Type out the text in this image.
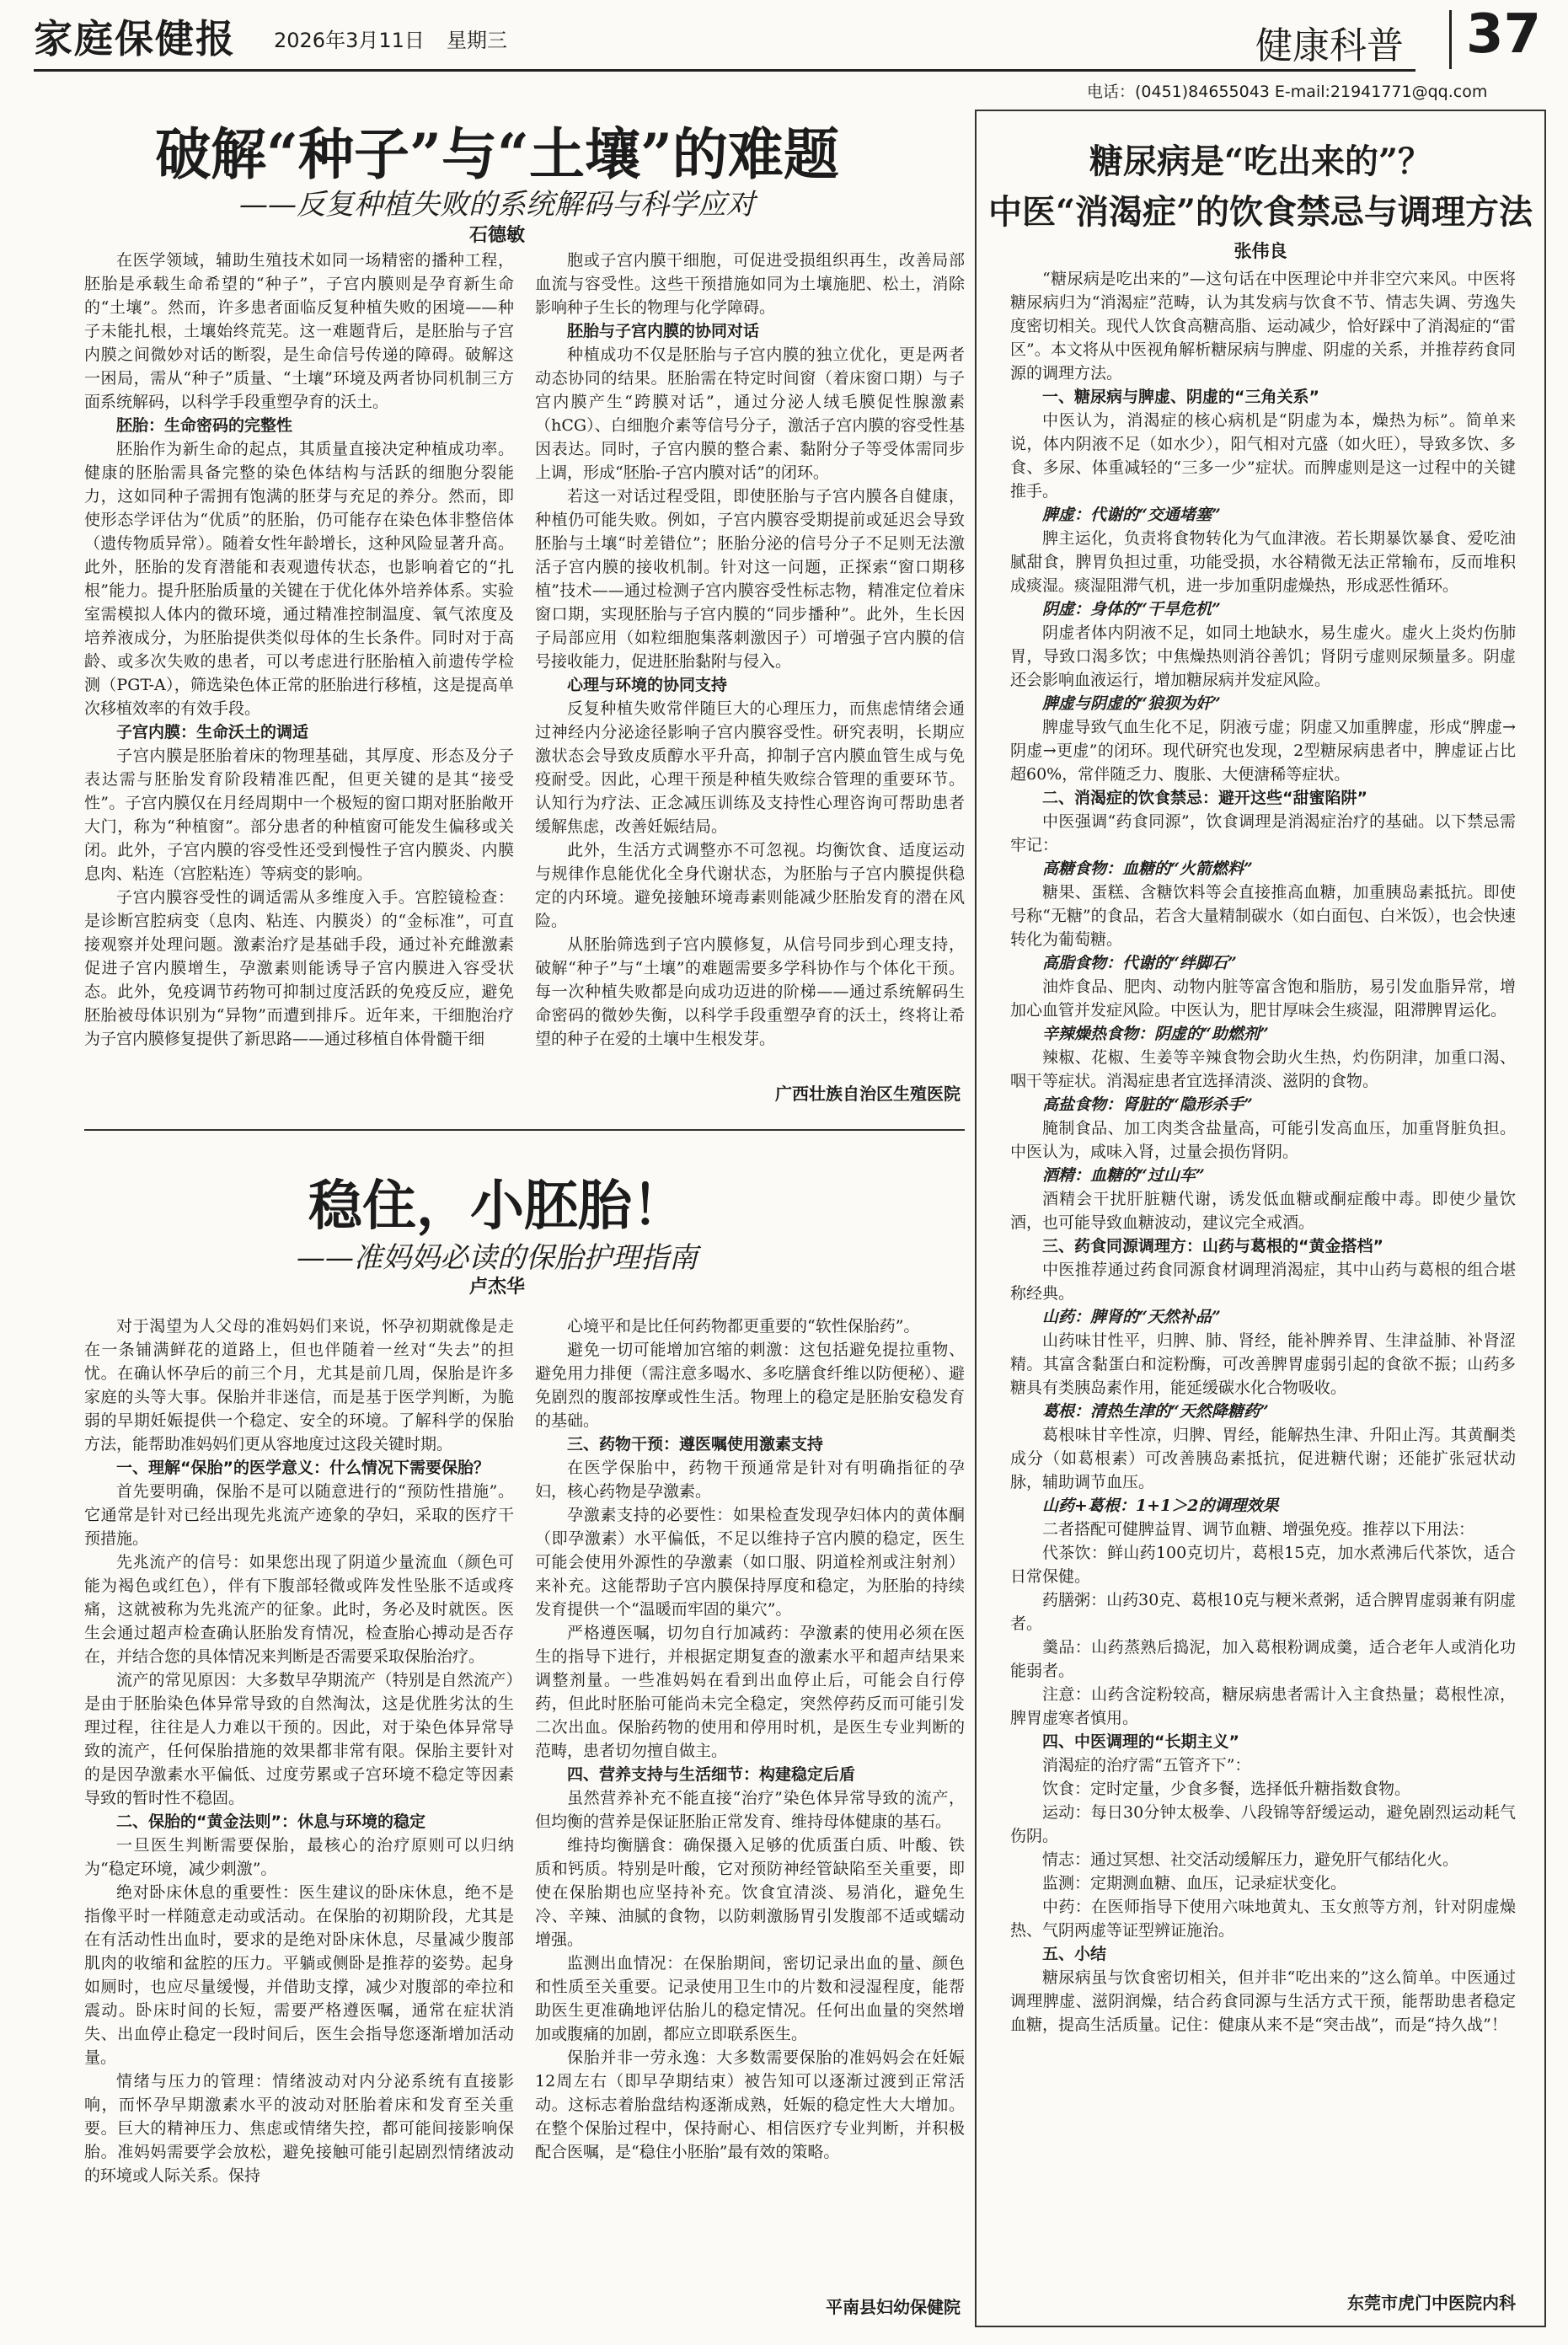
家庭保健报 2026年3月11日 星期三	健康科普 37
电话：(0451)84655043 E-mail:21941771@qq.com
破解“种子”与“土壤”的难题
——反复种植失败的系统解码与科学应对
石德敏

在医学领域，辅助生殖技术如同一场精密的播种工程，胚胎是承载生命希望的“种子”，子宫内膜则是孕育新生命的“土壤”。然而，许多患者面临反复种植失败的困境——种子未能扎根，土壤始终荒芜。这一难题背后，是胚胎与子宫内膜之间微妙对话的断裂，是生命信号传递的障碍。破解这一困局，需从“种子”质量、“土壤”环境及两者协同机制三方面系统解码，以科学手段重塑孕育的沃土。

胚胎：生命密码的完整性

胚胎作为新生命的起点，其质量直接决定种植成功率。健康的胚胎需具备完整的染色体结构与活跃的细胞分裂能力，这如同种子需拥有饱满的胚芽与充足的养分。然而，即使形态学评估为“优质”的胚胎，仍可能存在染色体非整倍体（遗传物质异常）。随着女性年龄增长，这种风险显著升高。此外，胚胎的发育潜能和表观遗传状态，也影响着它的“扎根”能力。提升胚胎质量的关键在于优化体外培养体系。实验室需模拟人体内的微环境，通过精准控制温度、氧气浓度及培养液成分，为胚胎提供类似母体的生长条件。同时对于高龄、或多次失败的患者，可以考虑进行胚胎植入前遗传学检测（PGT-A），筛选染色体正常的胚胎进行移植，这是提高单次移植效率的有效手段。

子宫内膜：生命沃土的调适

子宫内膜是胚胎着床的物理基础，其厚度、形态及分子表达需与胚胎发育阶段精准匹配，但更关键的是其“接受性”。子宫内膜仅在月经周期中一个极短的窗口期对胚胎敞开大门，称为“种植窗”。部分患者的种植窗可能发生偏移或关闭。此外，子宫内膜的容受性还受到慢性子宫内膜炎、内膜息肉、粘连（宫腔粘连）等病变的影响。

子宫内膜容受性的调适需从多维度入手。宫腔镜检查：是诊断宫腔病变（息肉、粘连、内膜炎）的“金标准”，可直接观察并处理问题。激素治疗是基础手段，通过补充雌激素促进子宫内膜增生，孕激素则能诱导子宫内膜进入容受状态。此外，免疫调节药物可抑制过度活跃的免疫反应，避免胚胎被母体识别为“异物”而遭到排斥。近年来，干细胞治疗为子宫内膜修复提供了新思路——通过移植自体骨髓干细

胞或子宫内膜干细胞，可促进受损组织再生，改善局部血流与容受性。这些干预措施如同为土壤施肥、松土，消除影响种子生长的物理与化学障碍。

胚胎与子宫内膜的协同对话

种植成功不仅是胚胎与子宫内膜的独立优化，更是两者动态协同的结果。胚胎需在特定时间窗（着床窗口期）与子宫内膜产生“跨膜对话”，通过分泌人绒毛膜促性腺激素（hCG）、白细胞介素等信号分子，激活子宫内膜的容受性基因表达。同时，子宫内膜的整合素、黏附分子等受体需同步上调，形成“胚胎-子宫内膜对话”的闭环。

若这一对话过程受阻，即使胚胎与子宫内膜各自健康，种植仍可能失败。例如，子宫内膜容受期提前或延迟会导致胚胎与土壤“时差错位”；胚胎分泌的信号分子不足则无法激活子宫内膜的接收机制。针对这一问题，正探索“窗口期移植”技术——通过检测子宫内膜容受性标志物，精准定位着床窗口期，实现胚胎与子宫内膜的“同步播种”。此外，生长因子局部应用（如粒细胞集落刺激因子）可增强子宫内膜的信号接收能力，促进胚胎黏附与侵入。

心理与环境的协同支持

反复种植失败常伴随巨大的心理压力，而焦虑情绪会通过神经内分泌途径影响子宫内膜容受性。研究表明，长期应激状态会导致皮质醇水平升高，抑制子宫内膜血管生成与免疫耐受。因此，心理干预是种植失败综合管理的重要环节。认知行为疗法、正念减压训练及支持性心理咨询可帮助患者缓解焦虑，改善妊娠结局。

此外，生活方式调整亦不可忽视。均衡饮食、适度运动与规律作息能优化全身代谢状态，为胚胎与子宫内膜提供稳定的内环境。避免接触环境毒素则能减少胚胎发育的潜在风险。

从胚胎筛选到子宫内膜修复，从信号同步到心理支持，破解“种子”与“土壤”的难题需要多学科协作与个体化干预。每一次种植失败都是向成功迈进的阶梯——通过系统解码生命密码的微妙失衡，以科学手段重塑孕育的沃土，终将让希望的种子在爱的土壤中生根发芽。

广西壮族自治区生殖医院
稳住，小胚胎！
——准妈妈必读的保胎护理指南
卢杰华

对于渴望为人父母的准妈妈们来说，怀孕初期就像是走在一条铺满鲜花的道路上，但也伴随着一丝对“失去”的担忧。在确认怀孕后的前三个月，尤其是前几周，保胎是许多家庭的头等大事。保胎并非迷信，而是基于医学判断，为脆弱的早期妊娠提供一个稳定、安全的环境。了解科学的保胎方法，能帮助准妈妈们更从容地度过这段关键时期。

一、理解“保胎”的医学意义：什么情况下需要保胎？

首先要明确，保胎不是可以随意进行的“预防性措施”。它通常是针对已经出现先兆流产迹象的孕妇，采取的医疗干预措施。

先兆流产的信号：如果您出现了阴道少量流血（颜色可能为褐色或红色），伴有下腹部轻微或阵发性坠胀不适或疼痛，这就被称为先兆流产的征象。此时，务必及时就医。医生会通过超声检查确认胚胎发育情况，检查胎心搏动是否存在，并结合您的具体情况来判断是否需要采取保胎治疗。

流产的常见原因：大多数早孕期流产（特别是自然流产）是由于胚胎染色体异常导致的自然淘汰，这是优胜劣汰的生理过程，往往是人力难以干预的。因此，对于染色体异常导致的流产，任何保胎措施的效果都非常有限。保胎主要针对的是因孕激素水平偏低、过度劳累或子宫环境不稳定等因素导致的暂时性不稳固。

二、保胎的“黄金法则”：休息与环境的稳定

一旦医生判断需要保胎，最核心的治疗原则可以归纳为“稳定环境，减少刺激”。

绝对卧床休息的重要性：医生建议的卧床休息，绝不是指像平时一样随意走动或活动。在保胎的初期阶段，尤其是在有活动性出血时，要求的是绝对卧床休息，尽量减少腹部肌肉的收缩和盆腔的压力。平躺或侧卧是推荐的姿势。起身如厕时，也应尽量缓慢，并借助支撑，减少对腹部的牵拉和震动。卧床时间的长短，需要严格遵医嘱，通常在症状消失、出血停止稳定一段时间后，医生会指导您逐渐增加活动量。

情绪与压力的管理：情绪波动对内分泌系统有直接影响，而怀孕早期激素水平的波动对胚胎着床和发育至关重要。巨大的精神压力、焦虑或情绪失控，都可能间接影响保胎。准妈妈需要学会放松，避免接触可能引起剧烈情绪波动的环境或人际关系。保持

心境平和是比任何药物都更重要的“软性保胎药”。

避免一切可能增加宫缩的刺激：这包括避免提拉重物、避免用力排便（需注意多喝水、多吃膳食纤维以防便秘）、避免剧烈的腹部按摩或性生活。物理上的稳定是胚胎安稳发育的基础。

三、药物干预：遵医嘱使用激素支持

在医学保胎中，药物干预通常是针对有明确指征的孕妇，核心药物是孕激素。

孕激素支持的必要性：如果检查发现孕妇体内的黄体酮（即孕激素）水平偏低，不足以维持子宫内膜的稳定，医生可能会使用外源性的孕激素（如口服、阴道栓剂或注射剂）来补充。这能帮助子宫内膜保持厚度和稳定，为胚胎的持续发育提供一个“温暖而牢固的巢穴”。

严格遵医嘱，切勿自行加减药：孕激素的使用必须在医生的指导下进行，并根据定期复查的激素水平和超声结果来调整剂量。一些准妈妈在看到出血停止后，可能会自行停药，但此时胚胎可能尚未完全稳定，突然停药反而可能引发二次出血。保胎药物的使用和停用时机，是医生专业判断的范畴，患者切勿擅自做主。

四、营养支持与生活细节：构建稳定后盾

虽然营养补充不能直接“治疗”染色体异常导致的流产，但均衡的营养是保证胚胎正常发育、维持母体健康的基石。

维持均衡膳食：确保摄入足够的优质蛋白质、叶酸、铁质和钙质。特别是叶酸，它对预防神经管缺陷至关重要，即使在保胎期也应坚持补充。饮食宜清淡、易消化，避免生冷、辛辣、油腻的食物，以防刺激肠胃引发腹部不适或蠕动增强。

监测出血情况：在保胎期间，密切记录出血的量、颜色和性质至关重要。记录使用卫生巾的片数和浸湿程度，能帮助医生更准确地评估胎儿的稳定情况。任何出血量的突然增加或腹痛的加剧，都应立即联系医生。

保胎并非一劳永逸：大多数需要保胎的准妈妈会在妊娠12周左右（即早孕期结束）被告知可以逐渐过渡到正常活动。这标志着胎盘结构逐渐成熟，妊娠的稳定性大大增加。在整个保胎过程中，保持耐心、相信医疗专业判断，并积极配合医嘱，是“稳住小胚胎”最有效的策略。

平南县妇幼保健院
糖尿病是“吃出来的”？
中医“消渴症”的饮食禁忌与调理方法
张伟良

“糖尿病是吃出来的”—这句话在中医理论中并非空穴来风。中医将糖尿病归为“消渴症”范畴，认为其发病与饮食不节、情志失调、劳逸失度密切相关。现代人饮食高糖高脂、运动减少，恰好踩中了消渴症的“雷区”。本文将从中医视角解析糖尿病与脾虚、阴虚的关系，并推荐药食同源的调理方法。

一、糖尿病与脾虚、阴虚的“三角关系”

中医认为，消渴症的核心病机是“阴虚为本，燥热为标”。简单来说，体内阴液不足（如水少），阳气相对亢盛（如火旺），导致多饮、多食、多尿、体重减轻的“三多一少”症状。而脾虚则是这一过程中的关键推手。

脾虚：代谢的“交通堵塞”

脾主运化，负责将食物转化为气血津液。若长期暴饮暴食、爱吃油腻甜食，脾胃负担过重，功能受损，水谷精微无法正常输布，反而堆积成痰湿。痰湿阻滞气机，进一步加重阴虚燥热，形成恶性循环。

阴虚：身体的“干旱危机”

阴虚者体内阴液不足，如同土地缺水，易生虚火。虚火上炎灼伤肺胃，导致口渴多饮；中焦燥热则消谷善饥；肾阴亏虚则尿频量多。阴虚还会影响血液运行，增加糖尿病并发症风险。

脾虚与阴虚的“狼狈为奸”

脾虚导致气血生化不足，阴液亏虚；阴虚又加重脾虚，形成“脾虚→阴虚→更虚”的闭环。现代研究也发现，2型糖尿病患者中，脾虚证占比超60%，常伴随乏力、腹胀、大便溏稀等症状。

二、消渴症的饮食禁忌：避开这些“甜蜜陷阱”

中医强调“药食同源”，饮食调理是消渴症治疗的基础。以下禁忌需牢记：

高糖食物：血糖的“火箭燃料”

糖果、蛋糕、含糖饮料等会直接推高血糖，加重胰岛素抵抗。即使号称“无糖”的食品，若含大量精制碳水（如白面包、白米饭），也会快速转化为葡萄糖。

高脂食物：代谢的“绊脚石”

油炸食品、肥肉、动物内脏等富含饱和脂肪，易引发血脂异常，增加心血管并发症风险。中医认为，肥甘厚味会生痰湿，阻滞脾胃运化。

辛辣燥热食物：阴虚的“助燃剂”

辣椒、花椒、生姜等辛辣食物会助火生热，灼伤阴津，加重口渴、咽干等症状。消渴症患者宜选择清淡、滋阴的食物。

高盐食物：肾脏的“隐形杀手”

腌制食品、加工肉类含盐量高，可能引发高血压，加重肾脏负担。中医认为，咸味入肾，过量会损伤肾阴。

酒精：血糖的“过山车”

酒精会干扰肝脏糖代谢，诱发低血糖或酮症酸中毒。即使少量饮酒，也可能导致血糖波动，建议完全戒酒。

三、药食同源调理方：山药与葛根的“黄金搭档”

中医推荐通过药食同源食材调理消渴症，其中山药与葛根的组合堪称经典。

山药：脾肾的“天然补品”

山药味甘性平，归脾、肺、肾经，能补脾养胃、生津益肺、补肾涩精。其富含黏蛋白和淀粉酶，可改善脾胃虚弱引起的食欲不振；山药多糖具有类胰岛素作用，能延缓碳水化合物吸收。

葛根：清热生津的“天然降糖药”

葛根味甘辛性凉，归脾、胃经，能解热生津、升阳止泻。其黄酮类成分（如葛根素）可改善胰岛素抵抗，促进糖代谢；还能扩张冠状动脉，辅助调节血压。

山药+葛根：1+1＞2的调理效果

二者搭配可健脾益胃、调节血糖、增强免疫。推荐以下用法：

代茶饮：鲜山药100克切片，葛根15克，加水煮沸后代茶饮，适合日常保健。

药膳粥：山药30克、葛根10克与粳米煮粥，适合脾胃虚弱兼有阴虚者。

羹品：山药蒸熟后捣泥，加入葛根粉调成羹，适合老年人或消化功能弱者。

注意：山药含淀粉较高，糖尿病患者需计入主食热量；葛根性凉，脾胃虚寒者慎用。

四、中医调理的“长期主义”

消渴症的治疗需“五管齐下”：

饮食：定时定量，少食多餐，选择低升糖指数食物。

运动：每日30分钟太极拳、八段锦等舒缓运动，避免剧烈运动耗气伤阴。

情志：通过冥想、社交活动缓解压力，避免肝气郁结化火。

监测：定期测血糖、血压，记录症状变化。

中药：在医师指导下使用六味地黄丸、玉女煎等方剂，针对阴虚燥热、气阴两虚等证型辨证施治。

五、小结

糖尿病虽与饮食密切相关，但并非“吃出来的”这么简单。中医通过调理脾虚、滋阴润燥，结合药食同源与生活方式干预，能帮助患者稳定血糖，提高生活质量。记住：健康从来不是“突击战”，而是“持久战”！

东莞市虎门中医院内科
